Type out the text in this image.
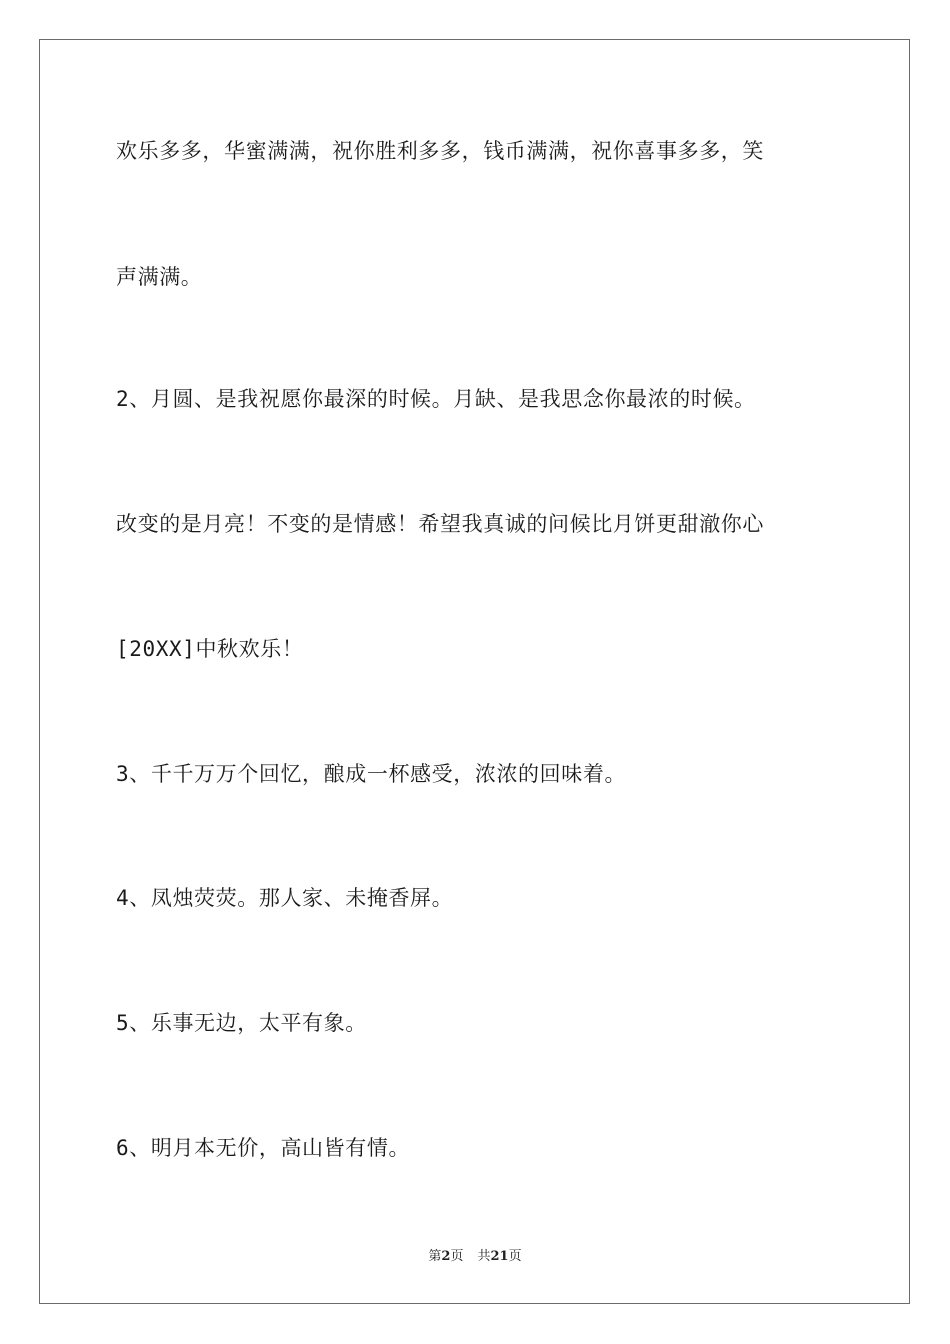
欢乐多多，华蜜满满，祝你胜利多多，钱币满满，祝你喜事多多，笑
声满满。
2、月圆、是我祝愿你最深的时候。月缺、是我思念你最浓的时候。
改变的是月亮！不变的是情感！希望我真诚的问候比月饼更甜澈你心
[20XX]中秋欢乐！
3、千千万万个回忆，酿成一杯感受，浓浓的回味着。
4、凤烛荧荧。那人家、未掩香屏。
5、乐事无边，太平有象。
6、明月本无价，高山皆有情。
第2页 共21页
